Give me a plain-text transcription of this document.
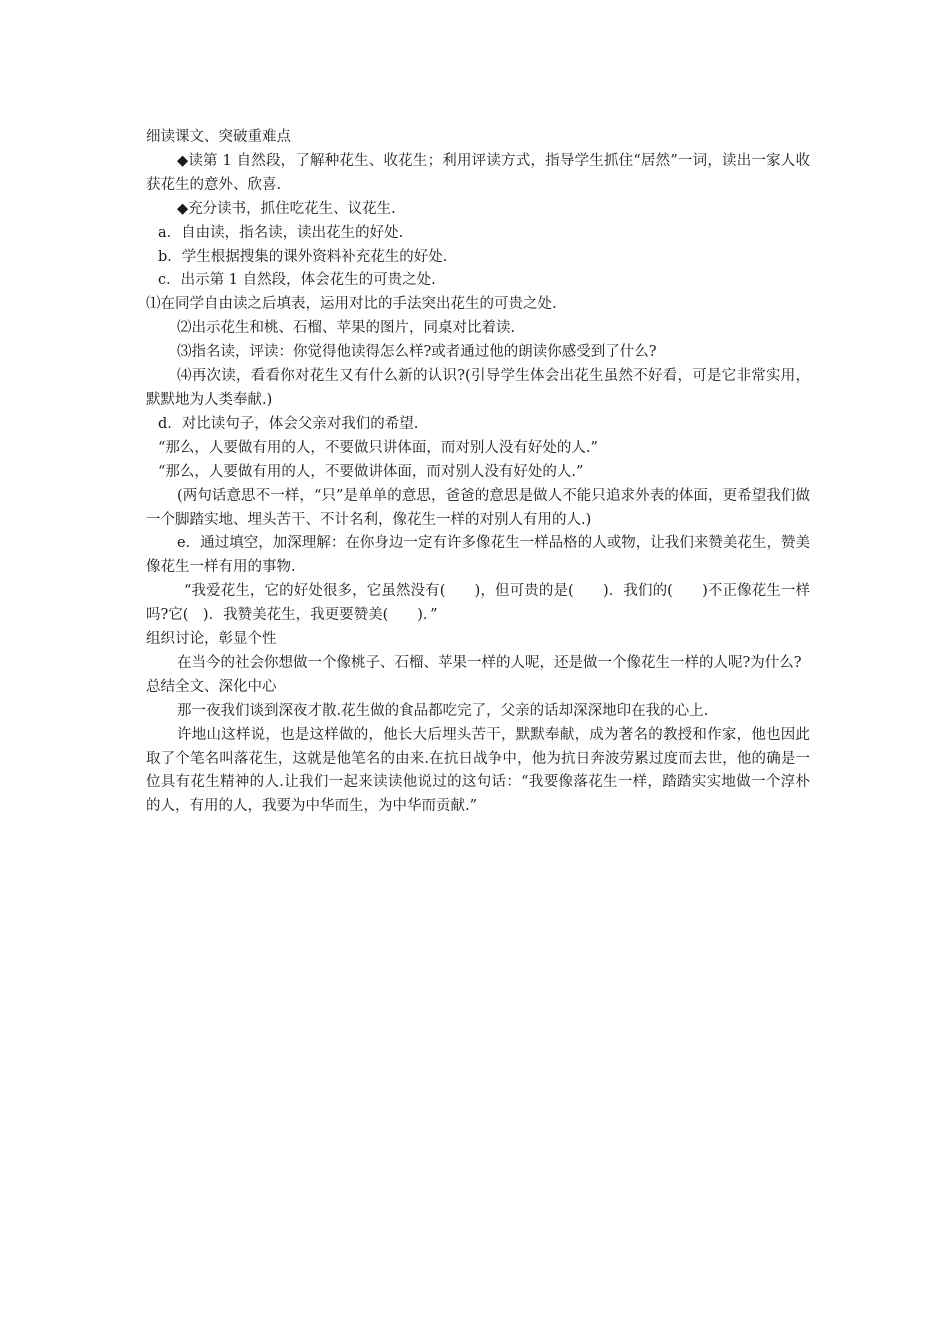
细读课文、突破重难点

◆读第 1 自然段，了解种花生、收花生；利用评读方式，指导学生抓住“居然”一词，读出一家人收获花生的意外、欣喜.

◆充分读书，抓住吃花生、议花生.

a．自由读，指名读，读出花生的好处.

b．学生根据搜集的课外资料补充花生的好处.

c．出示第 1 自然段，体会花生的可贵之处.

⑴在同学自由读之后填表，运用对比的手法突出花生的可贵之处.

⑵出示花生和桃、石榴、苹果的图片，同桌对比着读.

⑶指名读，评读：你觉得他读得怎么样?或者通过他的朗读你感受到了什么?

⑷再次读，看看你对花生又有什么新的认识?(引导学生体会出花生虽然不好看，可是它非常实用，默默地为人类奉献.)

d．对比读句子，体会父亲对我们的希望.

“那么，人要做有用的人，不要做只讲体面，而对别人没有好处的人.”

“那么，人要做有用的人，不要做讲体面，而对别人没有好处的人.”

(两句话意思不一样，“只”是单单的意思，爸爸的意思是做人不能只追求外表的体面，更希望我们做一个脚踏实地、埋头苦干、不计名利，像花生一样的对别人有用的人.)

e．通过填空，加深理解：在你身边一定有许多像花生一样品格的人或物，让我们来赞美花生，赞美像花生一样有用的事物.

“我爱花生，它的好处很多，它虽然没有(　　)，但可贵的是(　　)．我们的(　　)不正像花生一样吗?它(　)．我赞美花生，我更要赞美(　　)．”

组织讨论，彰显个性

在当今的社会你想做一个像桃子、石榴、苹果一样的人呢，还是做一个像花生一样的人呢?为什么?

总结全文、深化中心

那一夜我们谈到深夜才散.花生做的食品都吃完了，父亲的话却深深地印在我的心上.

许地山这样说，也是这样做的，他长大后埋头苦干，默默奉献，成为著名的教授和作家，他也因此取了个笔名叫落花生，这就是他笔名的由来.在抗日战争中，他为抗日奔波劳累过度而去世，他的确是一位具有花生精神的人.让我们一起来读读他说过的这句话：“我要像落花生一样，踏踏实实地做一个淳朴的人，有用的人，我要为中华而生，为中华而贡献.”
